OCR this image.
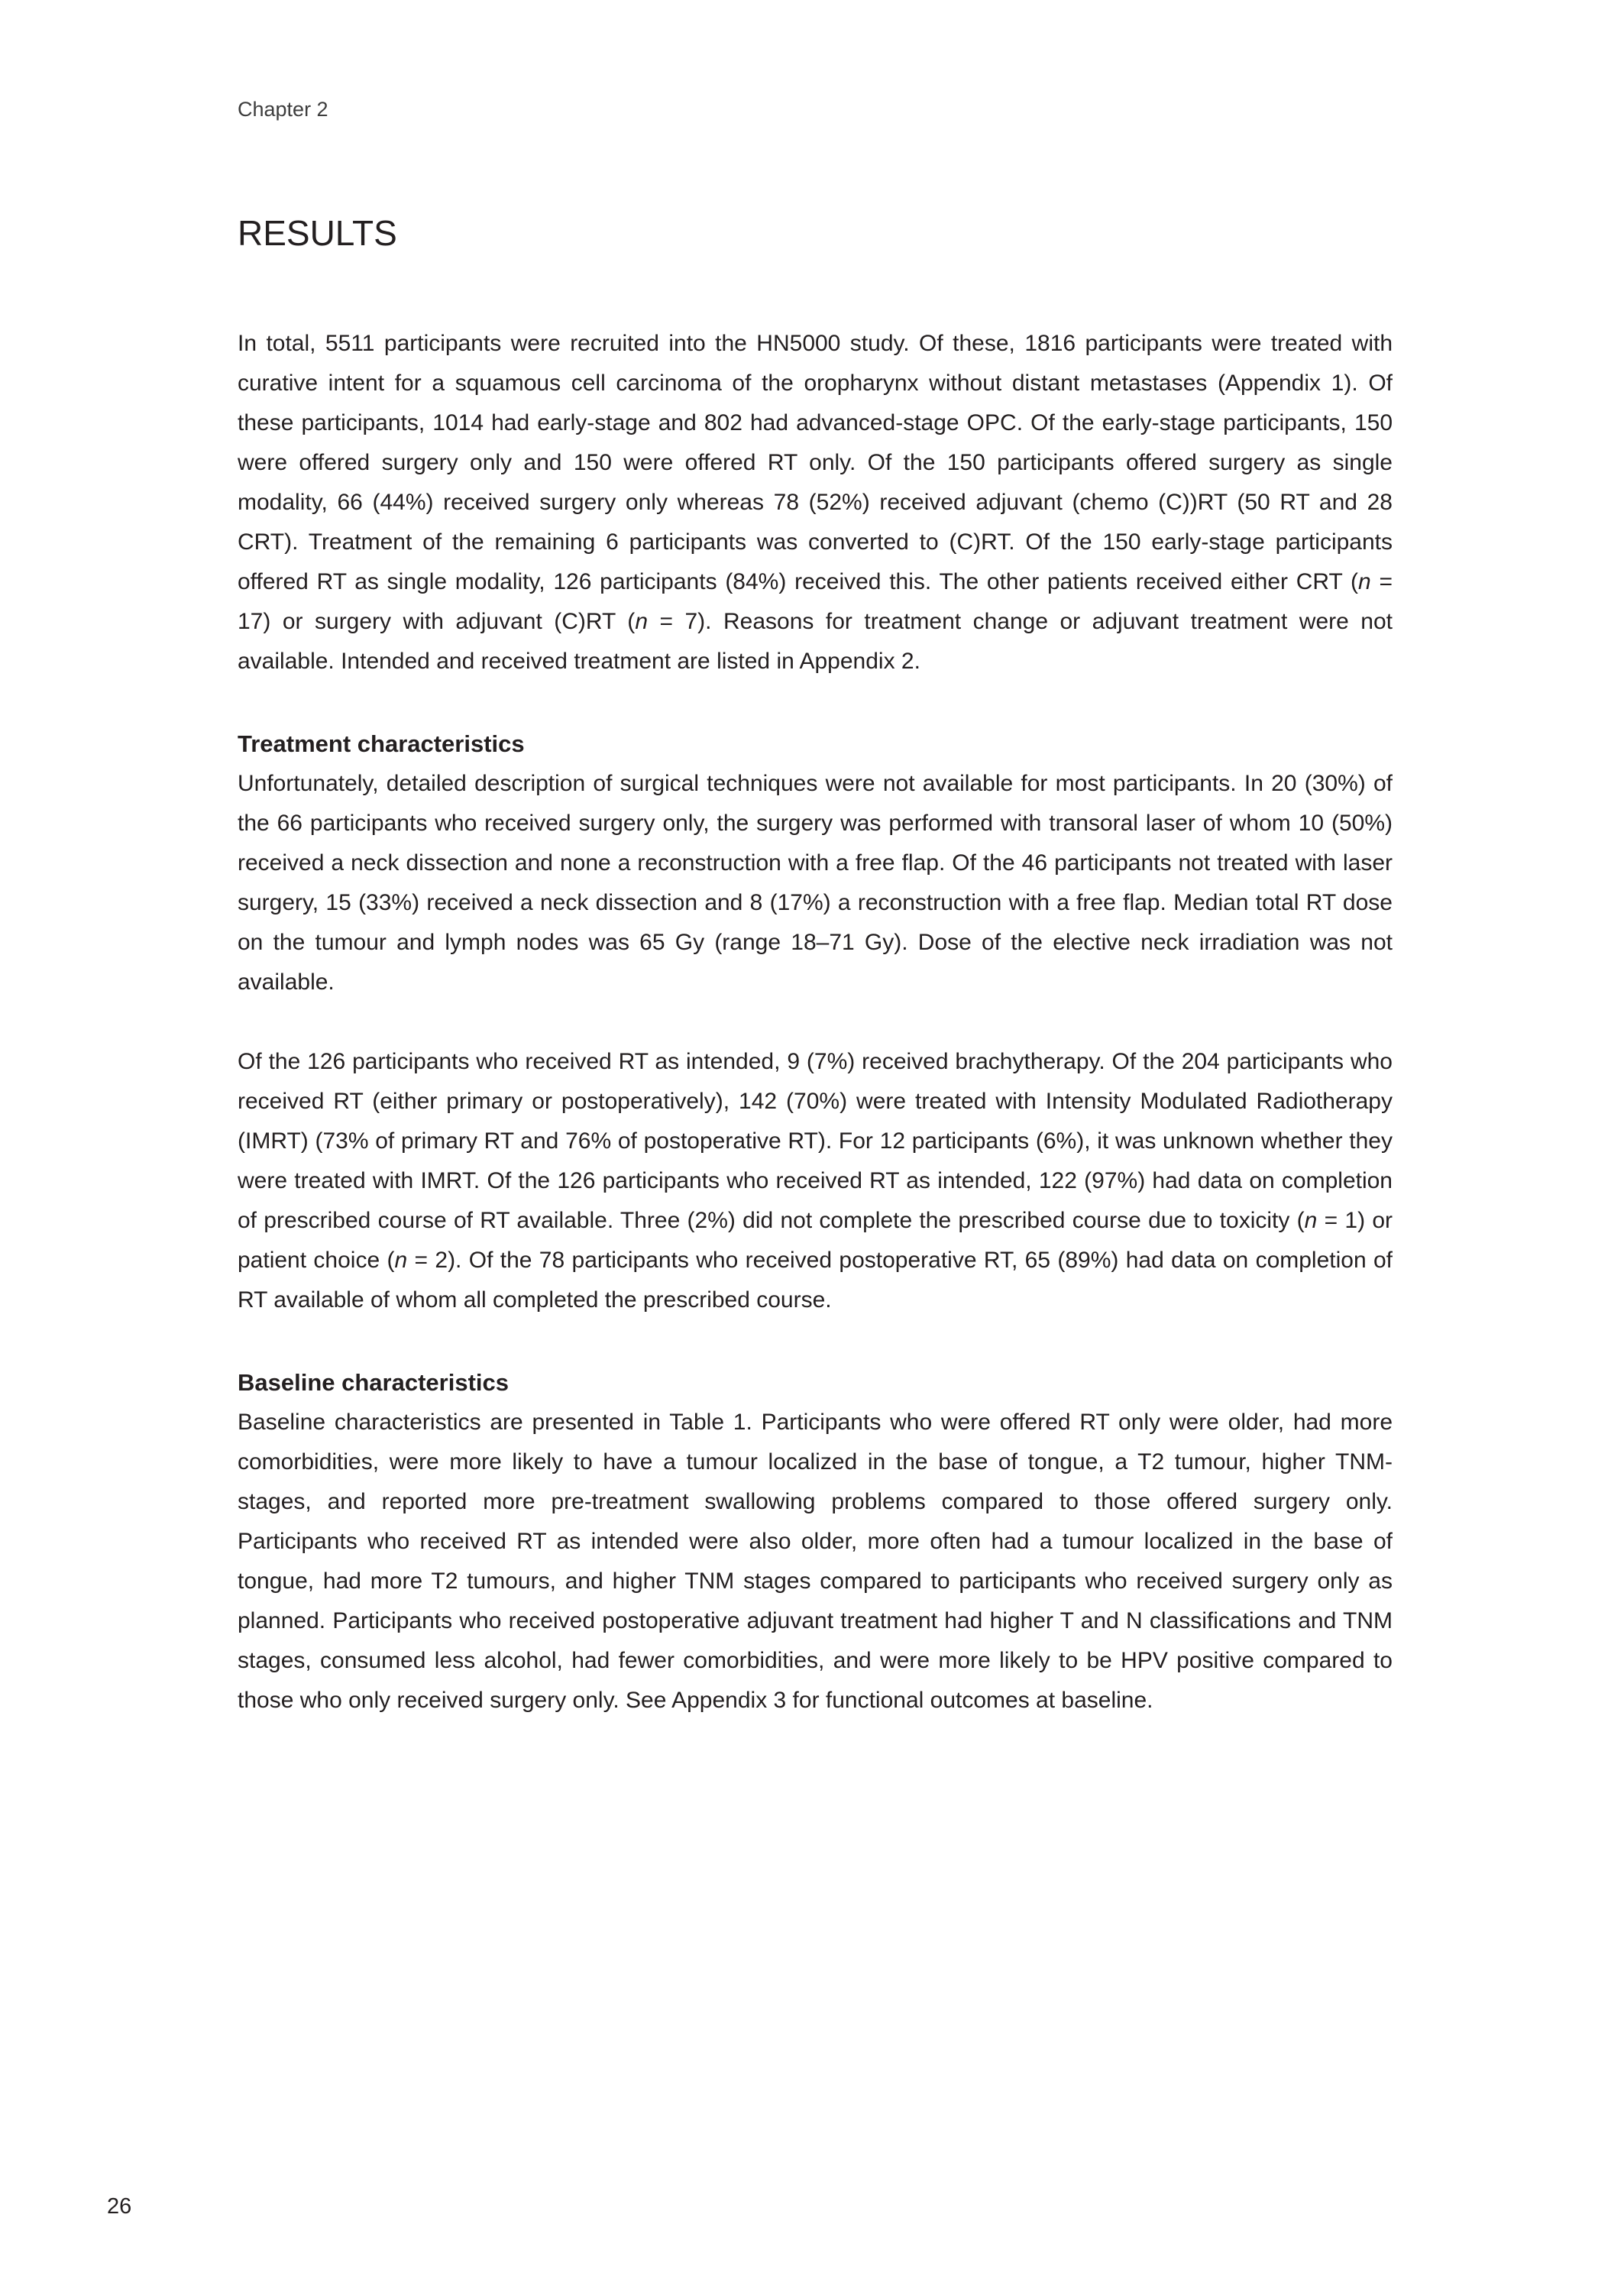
Chapter 2
RESULTS

In total, 5511 participants were recruited into the HN5000 study. Of these, 1816 participants were treated with curative intent for a squamous cell carcinoma of the oropharynx without distant metastases (Appendix 1). Of these participants, 1014 had early-stage and 802 had advanced-stage OPC. Of the early-stage participants, 150 were offered surgery only and 150 were offered RT only. Of the 150 participants offered surgery as single modality, 66 (44%) received surgery only whereas 78 (52%) received adjuvant (chemo (C))RT (50 RT and 28 CRT). Treatment of the remaining 6 participants was converted to (C)RT. Of the 150 early-stage participants offered RT as single modality, 126 participants (84%) received this. The other patients received either CRT (n = 17) or surgery with adjuvant (C)RT (n = 7). Reasons for treatment change or adjuvant treatment were not available. Intended and received treatment are listed in Appendix 2.

Treatment characteristics

Unfortunately, detailed description of surgical techniques were not available for most participants. In 20 (30%) of the 66 participants who received surgery only, the surgery was performed with transoral laser of whom 10 (50%) received a neck dissection and none a reconstruction with a free flap. Of the 46 participants not treated with laser surgery, 15 (33%) received a neck dissection and 8 (17%) a reconstruction with a free flap. Median total RT dose on the tumour and lymph nodes was 65 Gy (range 18–71 Gy). Dose of the elective neck irradiation was not available.

Of the 126 participants who received RT as intended, 9 (7%) received brachytherapy. Of the 204 participants who received RT (either primary or postoperatively), 142 (70%) were treated with Intensity Modulated Radiotherapy (IMRT) (73% of primary RT and 76% of postoperative RT). For 12 participants (6%), it was unknown whether they were treated with IMRT. Of the 126 participants who received RT as intended, 122 (97%) had data on completion of prescribed course of RT available. Three (2%) did not complete the prescribed course due to toxicity (n = 1) or patient choice (n = 2). Of the 78 participants who received postoperative RT, 65 (89%) had data on completion of RT available of whom all completed the prescribed course.

Baseline characteristics

Baseline characteristics are presented in Table 1. Participants who were offered RT only were older, had more comorbidities, were more likely to have a tumour localized in the base of tongue, a T2 tumour, higher TNM-stages, and reported more pre-treatment swallowing problems compared to those offered surgery only. Participants who received RT as intended were also older, more often had a tumour localized in the base of tongue, had more T2 tumours, and higher TNM stages compared to participants who received surgery only as planned. Participants who received postoperative adjuvant treatment had higher T and N classifications and TNM stages, consumed less alcohol, had fewer comorbidities, and were more likely to be HPV positive compared to those who only received surgery only. See Appendix 3 for functional outcomes at baseline.

26
